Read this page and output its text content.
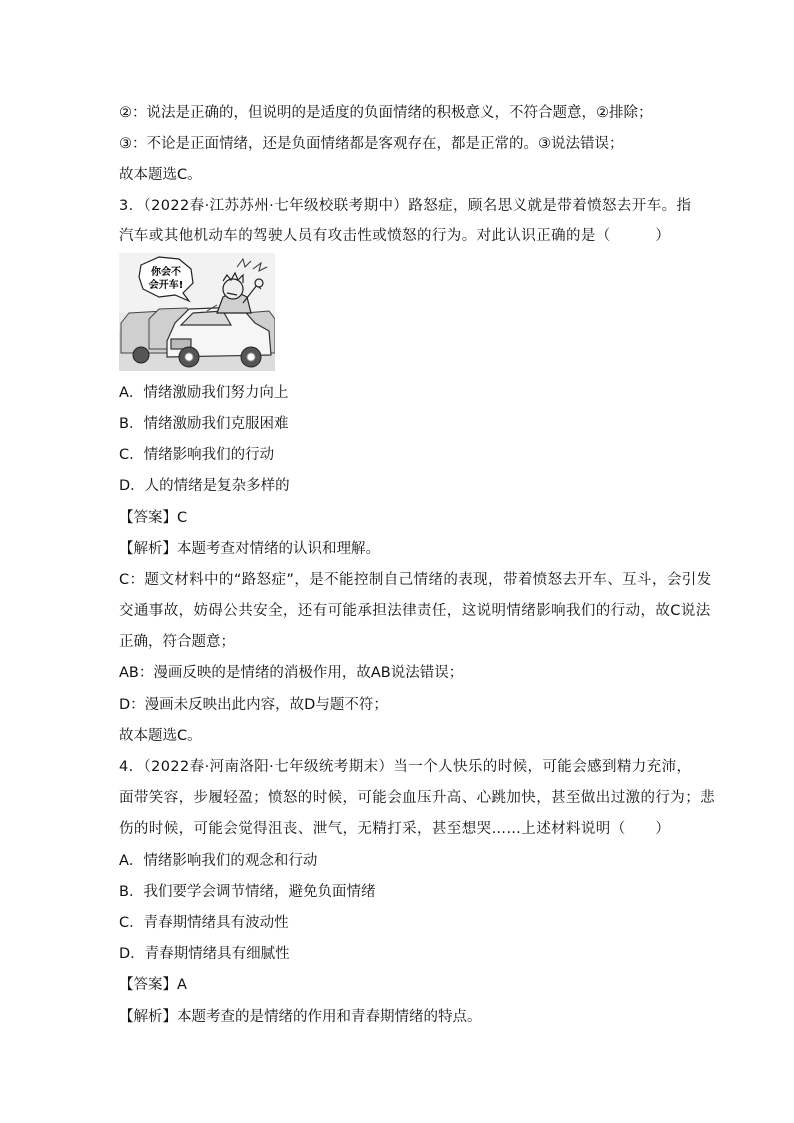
②：说法是正确的，但说明的是适度的负面情绪的积极意义，不符合题意，②排除；
③：不论是正面情绪，还是负面情绪都是客观存在，都是正常的。③说法错误；
故本题选C。
3．（2022春·江苏苏州·七年级校联考期中）路怒症，顾名思义就是带着愤怒去开车。指
汽车或其他机动车的驾驶人员有攻击性或愤怒的行为。对此认识正确的是（　　　）
你会不
会开车!
A．情绪激励我们努力向上
B．情绪激励我们克服困难
C．情绪影响我们的行动
D．人的情绪是复杂多样的
【答案】C
【解析】本题考查对情绪的认识和理解。
C：题文材料中的“路怒症”，是不能控制自己情绪的表现，带着愤怒去开车、互斗，会引发
交通事故，妨碍公共安全，还有可能承担法律责任，这说明情绪影响我们的行动，故C说法
正确，符合题意；
AB：漫画反映的是情绪的消极作用，故AB说法错误；
D：漫画未反映出此内容，故D与题不符；
故本题选C。
4．（2022春·河南洛阳·七年级统考期末）当一个人快乐的时候，可能会感到精力充沛，
面带笑容，步履轻盈；愤怒的时候，可能会血压升高、心跳加快，甚至做出过激的行为；悲
伤的时候，可能会觉得沮丧、泄气，无精打采，甚至想哭……上述材料说明（　　）
A．情绪影响我们的观念和行动
B．我们要学会调节情绪，避免负面情绪
C．青春期情绪具有波动性
D．青春期情绪具有细腻性
【答案】A
【解析】本题考查的是情绪的作用和青春期情绪的特点。
